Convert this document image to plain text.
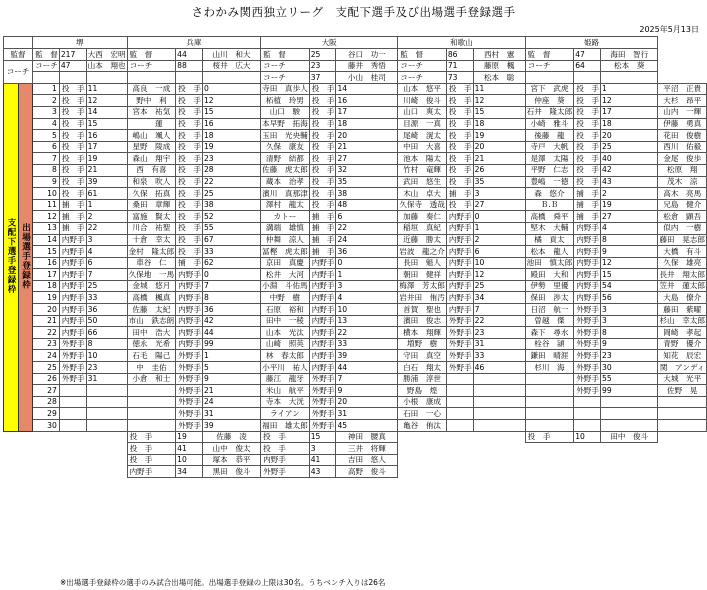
さわかみ関西独立リーグ　支配下選手及び出場選手登録選手
2025年5月13日
		堺			兵庫			大阪			和歌山			姫路			
監督		監　督	217	大西　宏明	監　督	44	山川　和大	監　督	25	谷口　功一	監　督	86	西村　憲	監　督	47	海田　智行	
コーチ		コーチ	47	山本　翔也	コーチ	88	桜井　広大	コーチ	23	藤井　秀悟	コーチ	71	藤原　楓	コーチ	64	松本　葵	
								コーチ	37	小山　桂司	コーチ	73	松本　聡				
支配下選手登録枠	出場選手登録枠	1	投　手	11	高良　一成	投　手	0	寺田　真歩人	投　手	14	山本　悠平	投　手	11	宮下　武虎	投　手	1	平沼　正貴
		2	投　手	12	野中　利	投　手	12	柘植　玲男	投　手	16	川崎　俊斗	投　手	12	仲座　葵	投　手	12	大杉　昂平
		3	投　手	14	宮本　祐気	投　手	15	山口　駿	投　手	17	山口　爽太	投　手	15	石井　隆太郎	投　手	17	山内　一輝
		4	投　手	15	　　蓮	投　手	16	本早野　拓海	投　手	18	目源　一真	投　手	18	小崎　雅斗	投　手	18	伊藤　勇真
		5	投　手	16	嶋山　颯人	投　手	18	玉田　光央輔	投　手	20	尾崎　滉太	投　手	19	後藤　龍	投　手	20	花田　俊樹
		6	投　手	17	星野　陵成	投　手	19	久保　康友	投　手	21	中田　大喜	投　手	20	寺戸　大帆	投　手	25	西川　佑毅
		7	投　手	19	森山　翔宇	投　手	23	清野　結都	投　手	27	池本　陽太	投　手	21	是澤　太陽	投　手	40	金尾　俊歩
		8	投　手	21	西　有喜	投　手	28	佐藤　虎太郎	投　手	32	竹村　竜輝	投　手	26	平野　仁志	投　手	42	松原　翔
		9	投　手	39	和泉　吹人	投　手	22	蔵本　治孝	投　手	35	武田　悠生	投　手	35	豊嶋　一徳	投　手	43	茂木　涼
		10	投　手	61	久保　拓真	投　手	25	濱川　真那津	投　手	38	木山　卓大	捕　手	3	森　悠介	捕　手	2	高木　亮馬
		11	捕　手	1	桑田　章輝	投　手	38	澤村　龍太	投　手	48	久保寺　透哉	投　手	27	Ｂ.Ｂ	捕　手	19	兄島　健介
		12	捕　手	2	富施　賢太	投　手	52	カトー	捕　手	6	加藤　奏仁	内野手	0	高橋　舜平	捕　手	27	松倉　顕吾
		13	捕　手	22	川合　祐聖	投　手	55	溝端　雄慎	捕　手	22	稲垣　真紀	内野手	1	堅木　大輔	内野手	4	似内　一樹
		14	内野手	3	十倉　幸太	投　手	67	仲舞　涼人	捕　手	24	近藤　勝太	内野手	2	橘　貢太	内野手	8	藤田　晃志郎
		15	内野手	4	金村　隆太郎	投　手	33	冨樫　虎太郎	捕　手	36	岩波　龍之介	内野手	6	松本　龍人	内野手	9	大橋　有斗
		16	内野手	6	車谷　仁	捕　手	62	京田　真慶	内野手	0	長田　魁人	内野手	10	池田　慎太郎	内野手	12	久保　雄亮
		17	内野手	7	久保地　一馬	内野手	0	松井　大河	内野手	1	朝田　健祥	内野手	12	殿田　大和	内野手	15	長井　翔太郎
		18	内野手	25	金城　悠月	内野手	7	小淵　斗佑馬	内野手	3	梅澤　芳太郎	内野手	25	伊勢　里優	内野手	54	笠井　蓮太郎
		19	内野手	33	高橋　楓真	内野手	8	中野　樹	内野手	4	岩井田　侑汚	内野手	34	保田　渉太	内野手	56	大島　僚介
		20	内野手	36	佐藤　太紀	内野手	36	石原　裕和	内野手	10	首賀　聖也	内野手	7	日沼　航一	外野手	3	藤田　紫曜
		21	内野手	50	市山　鉄志朗	内野手	42	田中　一稜	内野手	13	濱田　俊志	外野手	22	曽越　傑	外野手	3	杉山　幸太郎
		22	内野手	66	田中　浩大	内野手	44	山本　光汰	内野手	22	横本　翔輝	外野手	23	森下　尋水	外野手	8	岡崎　孝起
		23	外野手	8	徳永　光希	内野手	99	山崎　照英	内野手	33	増野　樹	外野手	31	栓谷　頴	外野手	9	青野　優介
		24	外野手	10	石毛　陽己	外野手	1	林　春太郎	内野手	39	守田　真空	外野手	33	鎌田　晴涯	外野手	23	知花　辰宏
		25	外野手	23	中　圭佑	外野手	5	小平川　祐人	内野手	44	白石　翔太	外野手	46	杉川　海	外野手	30	関　アンディ
		26	外野手	31	小倉　和士	外野手	9	藤江　龍牙	外野手	7	勝浦　淳世				外野手	55	大城　光平
		27				外野手	21	米山　航平	外野手	9	野島　煌				外野手	99	佐野　晃
		28				外野手	24	寺本　大洸	外野手	20	小根　康成						
		29				外野手	31	ライアン	外野手	31	石田　一心						
		30				外野手	39	福田　雄太郎	外野手	45	亀谷　侑汰						
					投　手	19	佐藤　凌	投　手	15	神田　腰真				投　手	10	田中　俊斗	
					投　手	41	山中　俊太	投　手	3	三井　将輝							
					投　手	10	塚本　恭平	内野手	41	吉田　悠人							
					内野手	34	黒田　俊斗	外野手	43	高野　俊斗							
※出場選手登録枠の選手のみ試合出場可能。出場選手登録の上限は30名。うちベンチ入りは26名
